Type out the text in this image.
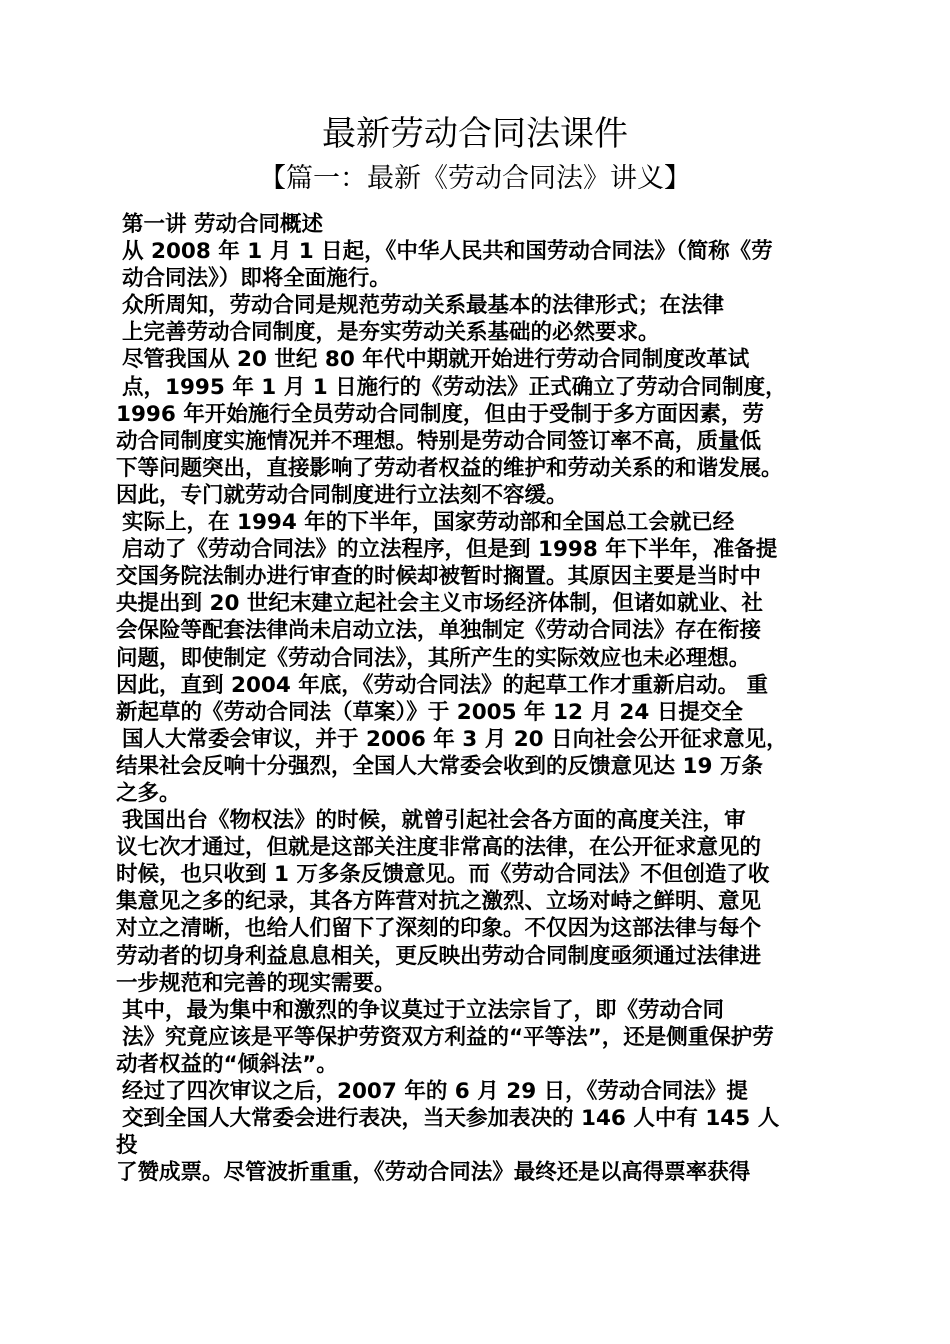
最新劳动合同法课件
【篇一：最新《劳动合同法》讲义】
第一讲 劳动合同概述
从 2008 年 1 月 1 日起，《中华人民共和国劳动合同法》（简称《劳
动合同法》）即将全面施行。
众所周知，劳动合同是规范劳动关系最基本的法律形式；在法律
上完善劳动合同制度，是夯实劳动关系基础的必然要求。
尽管我国从 20 世纪 80 年代中期就开始进行劳动合同制度改革试
点，1995 年 1 月 1 日施行的《劳动法》正式确立了劳动合同制度，
1996 年开始施行全员劳动合同制度，但由于受制于多方面因素，劳
动合同制度实施情况并不理想。特别是劳动合同签订率不高，质量低
下等问题突出，直接影响了劳动者权益的维护和劳动关系的和谐发展。
因此，专门就劳动合同制度进行立法刻不容缓。
实际上，在 1994 年的下半年，国家劳动部和全国总工会就已经
启动了《劳动合同法》的立法程序，但是到 1998 年下半年，准备提
交国务院法制办进行审查的时候却被暂时搁置。其原因主要是当时中
央提出到 20 世纪末建立起社会主义市场经济体制，但诸如就业、社
会保险等配套法律尚未启动立法，单独制定《劳动合同法》存在衔接
问题，即使制定《劳动合同法》，其所产生的实际效应也未必理想。
因此，直到 2004 年底，《劳动合同法》的起草工作才重新启动。 重
新起草的《劳动合同法（草案）》于 2005 年 12 月 24 日提交全
国人大常委会审议，并于 2006 年 3 月 20 日向社会公开征求意见，
结果社会反响十分强烈，全国人大常委会收到的反馈意见达 19 万条
之多。
我国出台《物权法》的时候，就曾引起社会各方面的高度关注，审
议七次才通过，但就是这部关注度非常高的法律，在公开征求意见的
时候，也只收到 1 万多条反馈意见。而《劳动合同法》不但创造了收
集意见之多的纪录，其各方阵营对抗之激烈、立场对峙之鲜明、意见
对立之清晰，也给人们留下了深刻的印象。不仅因为这部法律与每个
劳动者的切身利益息息相关，更反映出劳动合同制度亟须通过法律进
一步规范和完善的现实需要。
其中，最为集中和激烈的争议莫过于立法宗旨了，即《劳动合同
法》究竟应该是平等保护劳资双方利益的“平等法”，还是侧重保护劳
动者权益的“倾斜法”。
经过了四次审议之后，2007 年的 6 月 29 日，《劳动合同法》提
交到全国人大常委会进行表决，当天参加表决的 146 人中有 145 人
投
了赞成票。尽管波折重重，《劳动合同法》最终还是以高得票率获得
